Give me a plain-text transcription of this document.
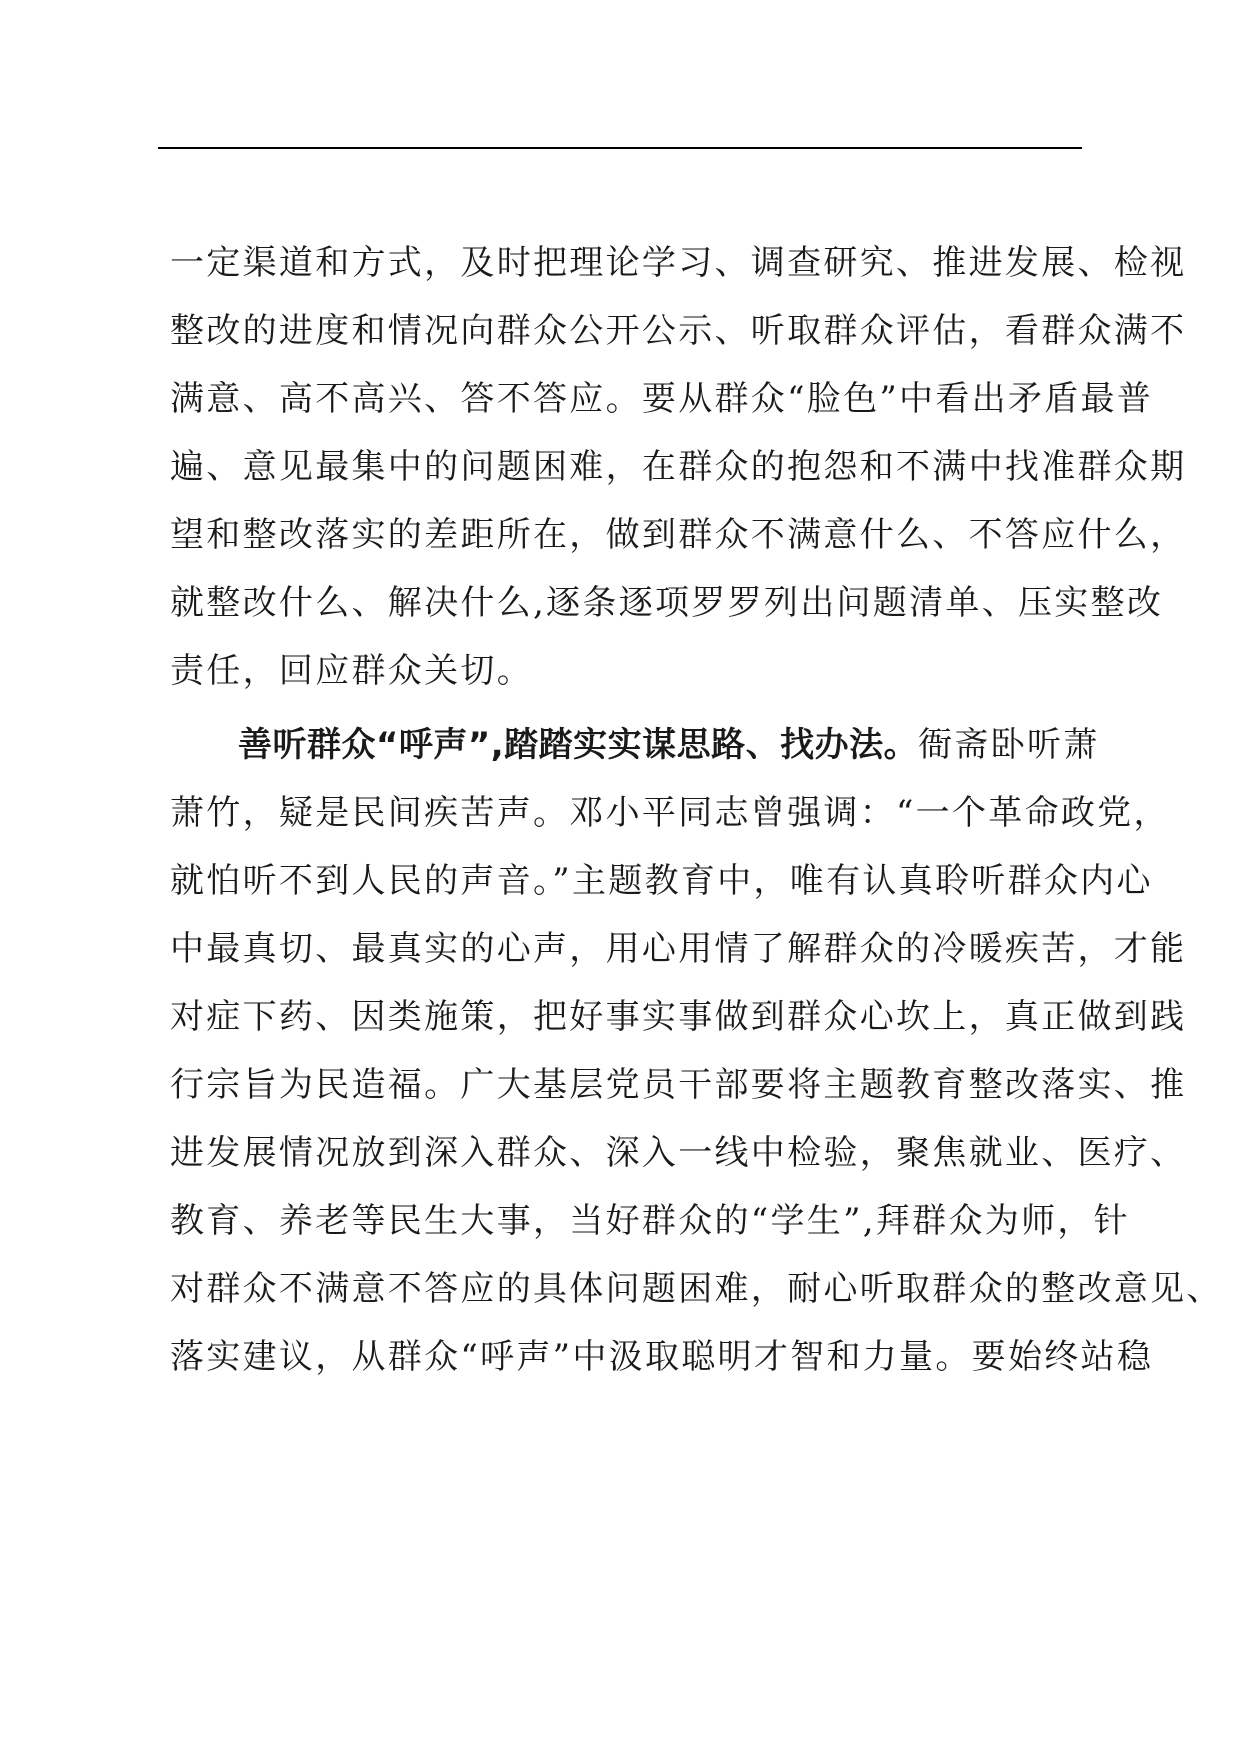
一定渠道和方式，及时把理论学习、调查研究、推进发展、检视
整改的进度和情况向群众公开公示、听取群众评估，看群众满不
满意、高不高兴、答不答应。要从群众“脸色”中看出矛盾最普
遍、意见最集中的问题困难，在群众的抱怨和不满中找准群众期
望和整改落实的差距所在，做到群众不满意什么、不答应什么，
就整改什么、解决什么,逐条逐项罗罗列出问题清单、压实整改
责任，回应群众关切。
善听群众“呼声”,踏踏实实谋思路、找办法。 衙斋卧听萧
萧竹，疑是民间疾苦声。邓小平同志曾强调：“一个革命政党，
就怕听不到人民的声音。”主题教育中，唯有认真聆听群众内心
中最真切、最真实的心声，用心用情了解群众的冷暖疾苦，才能
对症下药、因类施策，把好事实事做到群众心坎上，真正做到践
行宗旨为民造福。广大基层党员干部要将主题教育整改落实、推
进发展情况放到深入群众、深入一线中检验，聚焦就业、医疗、
教育、养老等民生大事，当好群众的“学生”,拜群众为师，针
对群众不满意不答应的具体问题困难，耐心听取群众的整改意见、
落实建议，从群众“呼声”中汲取聪明才智和力量。要始终站稳
